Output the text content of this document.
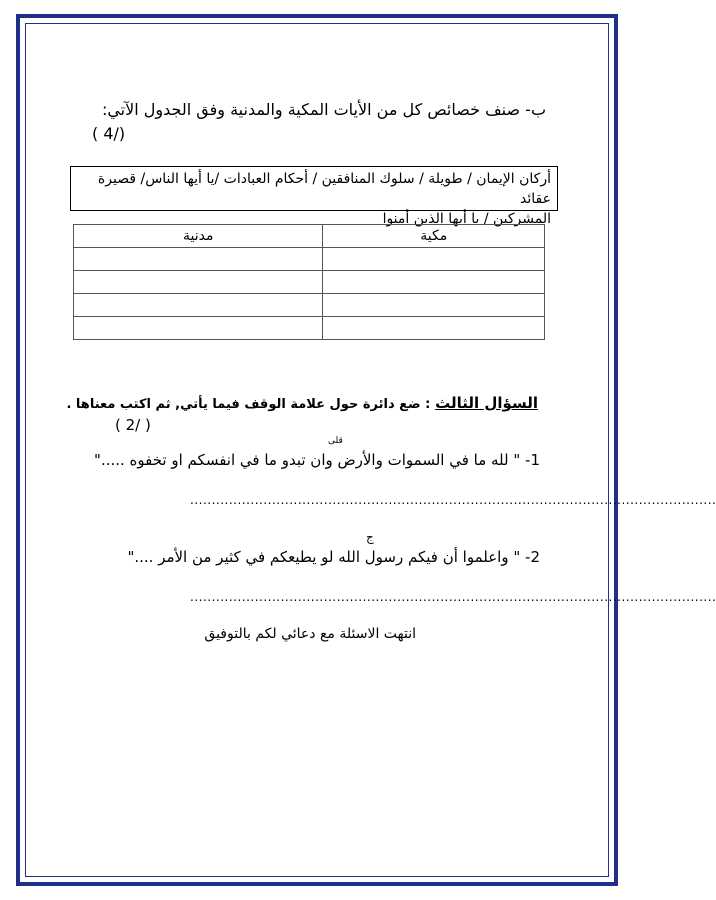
ب- صنف خصائص كل من الأيات المكية والمدنية وفق الجدول الآتي:
( 4/)
أركان الإيمان / طويلة / سلوك المنافقين / أحكام العبادات /يا أيها الناس/ قصيرة عقائد
المشركين / يا أيها الذين أمنوا
مكية	مدنية

السؤال الثالث : ضع دائرة حول علامة الوقف فيما يأتي, ثم اكتب معناها .
( 2/ )
قلى
1- " لله ما في السموات والأرض وان تبدو ما في انفسكم او تخفوه ....."
..........................................................................................................................
ج
2- " واعلموا أن فيكم رسول الله لو يطيعكم في كثير من الأمر ...."
..........................................................................................................................
انتهت الاسئلة مع دعائي لكم بالتوفيق
